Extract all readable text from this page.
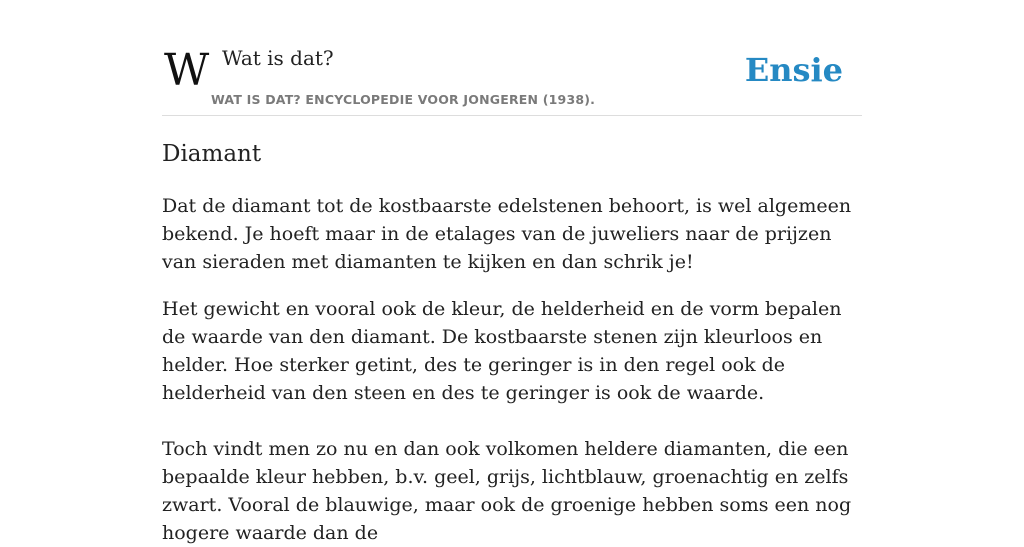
W Wat is dat?
WAT IS DAT? ENCYCLOPEDIE VOOR JONGEREN (1938).
Ensie
Diamant

Dat de diamant tot de kostbaarste edelstenen behoort, is wel algemeen bekend. Je hoeft maar in de etalages van de juweliers naar de prijzen van sieraden met diamanten te kijken en dan schrik je!

Het gewicht en vooral ook de kleur, de helderheid en de vorm bepalen de waarde van den diamant. De kostbaarste stenen zijn kleurloos en helder. Hoe sterker getint, des te geringer is in den regel ook de helderheid van den steen en des te geringer is ook de waarde.

Toch vindt men zo nu en dan ook volkomen heldere diamanten, die een bepaalde kleur hebben, b.v. geel, grijs, lichtblauw, groenachtig en zelfs zwart. Vooral de blauwige, maar ook de groenige hebben soms een nog hogere waarde dan de
